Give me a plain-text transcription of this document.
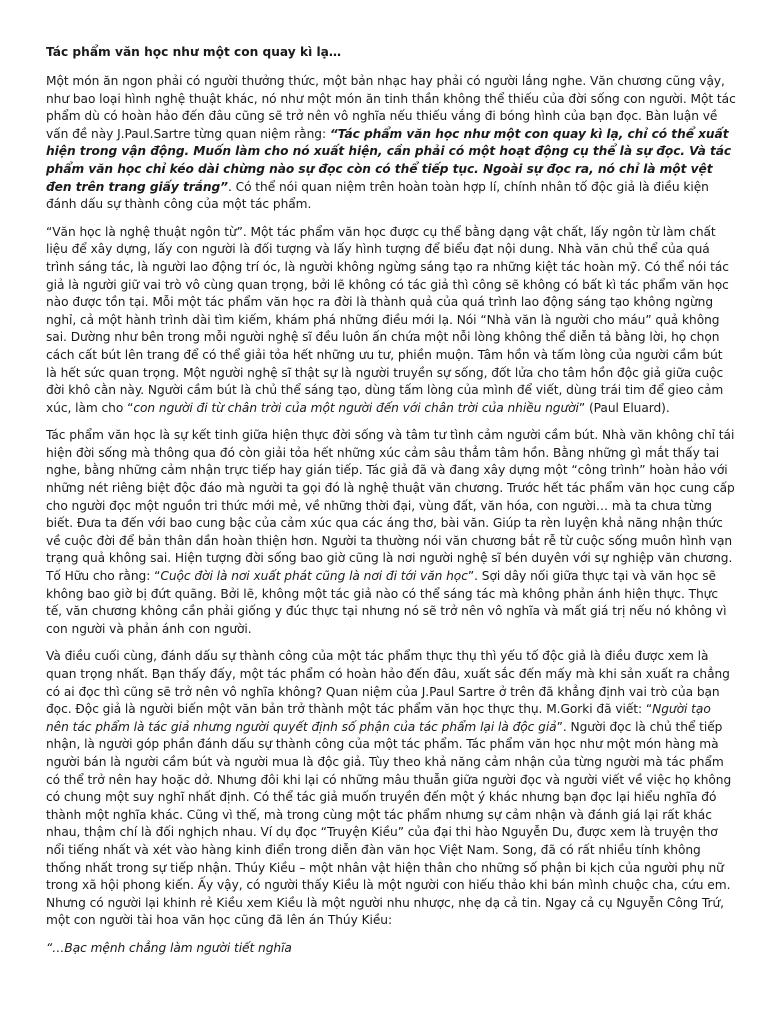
Tác phẩm văn học như một con quay kì lạ…

Một món ăn ngon phải có người thưởng thức, một bản nhạc hay phải có người lắng nghe. Văn chương cũng vậy, như bao loại hình nghệ thuật khác, nó như một món ăn tinh thần không thể thiếu của đời sống con người. Một tác phẩm dù có hoàn hảo đến đâu cũng sẽ trở nên vô nghĩa nếu thiếu vắng đi bóng hình của bạn đọc. Bàn luận về vấn đề này J.Paul.Sartre từng quan niệm rằng: “Tác phẩm văn học như một con quay kì lạ, chỉ có thể xuất hiện trong vận động. Muốn làm cho nó xuất hiện, cần phải có một hoạt động cụ thể là sự đọc. Và tác phẩm văn học chỉ kéo dài chừng nào sự đọc còn có thể tiếp tục. Ngoài sự đọc ra, nó chỉ là một vệt đen trên trang giấy trắng”. Có thể nói quan niệm trên hoàn toàn hợp lí, chính nhân tố độc giả là điều kiện đánh dấu sự thành công của một tác phẩm.

“Văn học là nghệ thuật ngôn từ”. Một tác phẩm văn học được cụ thể bằng dạng vật chất, lấy ngôn từ làm chất liệu để xây dựng, lấy con người là đối tượng và lấy hình tượng để biểu đạt nội dung. Nhà văn chủ thể của quá trình sáng tác, là người lao động trí óc, là người không ngừng sáng tạo ra những kiệt tác hoàn mỹ. Có thể nói tác giả là người giữ vai trò vô cùng quan trọng, bởi lẽ không có tác giả thì công sẽ không có bất kì tác phẩm văn học nào được tồn tại. Mỗi một tác phẩm văn học ra đời là thành quả của quá trình lao động sáng tạo không ngừng nghỉ, cả một hành trình dài tìm kiếm, khám phá những điều mới lạ. Nói “Nhà văn là người cho máu” quả không sai. Dường như bên trong mỗi người nghệ sĩ đều luôn ấn chứa một nỗi lòng không thể diễn tả bằng lời, họ chọn cách cất bút lên trang để có thể giải tỏa hết những ưu tư, phiền muộn. Tâm hồn và tấm lòng của người cầm bút là hết sức quan trọng. Một người nghệ sĩ thật sự là người truyền sự sống, đốt lửa cho tâm hồn độc giả giữa cuộc đời khô cằn này. Người cầm bút là chủ thể sáng tạo, dùng tấm lòng của mình để viết, dùng trái tim để gieo cảm xúc, làm cho “con người đi từ chân trời của một người đến với chân trời của nhiều người” (Paul Eluard).

Tác phẩm văn học là sự kết tinh giữa hiện thực đời sống và tâm tư tình cảm người cầm bút. Nhà văn không chỉ tái hiện đời sống mà thông qua đó còn giải tỏa hết những xúc cảm sâu thẳm tâm hồn. Bằng những gì mắt thấy tai nghe, bằng những cảm nhận trực tiếp hay gián tiếp. Tác giả đã và đang xây dựng một “công trình” hoàn hảo với những nét riêng biệt độc đáo mà người ta gọi đó là nghệ thuật văn chương. Trước hết tác phẩm văn học cung cấp cho người đọc một nguồn tri thức mới mẻ, về những thời đại, vùng đất, văn hóa, con người… mà ta chưa từng biết. Đưa ta đến với bao cung bậc của cảm xúc qua các áng thơ, bài văn. Giúp ta rèn luyện khả năng nhận thức về cuộc đời để bản thân dần hoàn thiện hơn. Người ta thường nói văn chương bắt rễ từ cuộc sống muôn hình vạn trạng quả không sai. Hiện tượng đời sống bao giờ cũng là nơi người nghệ sĩ bén duyên với sự nghiệp văn chương. Tố Hữu cho rằng: “Cuộc đời là nơi xuất phát cũng là nơi đi tới văn học”. Sợi dây nối giữa thực tại và văn học sẽ không bao giờ bị đứt quãng. Bởi lẽ, không một tác giả nào có thể sáng tác mà không phản ánh hiện thực. Thực tế, văn chương không cần phải giống y đúc thực tại nhưng nó sẽ trở nên vô nghĩa và mất giá trị nếu nó không vì con người và phản ánh con người.

Và điều cuối cùng, đánh dấu sự thành công của một tác phẩm thực thụ thì yếu tố độc giả là điều được xem là quan trọng nhất. Bạn thấy đấy, một tác phẩm có hoàn hảo đến đâu, xuất sắc đến mấy mà khi sản xuất ra chẳng có ai đọc thì cũng sẽ trở nên vô nghĩa không? Quan niệm của J.Paul Sartre ở trên đã khẳng định vai trò của bạn đọc. Độc giả là người biến một văn bản trở thành một tác phẩm văn học thực thụ. M.Gorki đã viết: “Người tạo nên tác phẩm là tác giả nhưng người quyết định số phận của tác phẩm lại là độc giả”. Người đọc là chủ thể tiếp nhận, là người góp phần đánh dấu sự thành công của một tác phẩm. Tác phẩm văn học như một món hàng mà người bán là người cầm bút và người mua là độc giả. Tùy theo khả năng cảm nhận của từng người mà tác phẩm có thể trở nên hay hoặc dở. Nhưng đôi khi lại có những mâu thuẫn giữa người đọc và người viết về việc họ không có chung một suy nghĩ nhất định. Có thể tác giả muốn truyền đến một ý khác nhưng bạn đọc lại hiểu nghĩa đó thành một nghĩa khác. Cũng vì thế, mà trong cùng một tác phẩm nhưng sự cảm nhận và đánh giá lại rất khác nhau, thậm chí là đối nghịch nhau. Ví dụ đọc “Truyện Kiều” của đại thi hào Nguyễn Du, được xem là truyện thơ nổi tiếng nhất và xét vào hàng kinh điển trong diễn đàn văn học Việt Nam. Song, đã có rất nhiều tính không thống nhất trong sự tiếp nhận. Thúy Kiều – một nhân vật hiện thân cho những số phận bi kịch của người phụ nữ trong xã hội phong kiến. Ấy vậy, có người thấy Kiều là một người con hiếu thảo khi bán mình chuộc cha, cứu em. Nhưng có người lại khinh rẻ Kiều xem Kiều là một người nhu nhược, nhẹ dạ cả tin. Ngay cả cụ Nguyễn Công Trứ, một con người tài hoa văn học cũng đã lên án Thúy Kiều:

“…Bạc mệnh chẳng làm người tiết nghĩa
